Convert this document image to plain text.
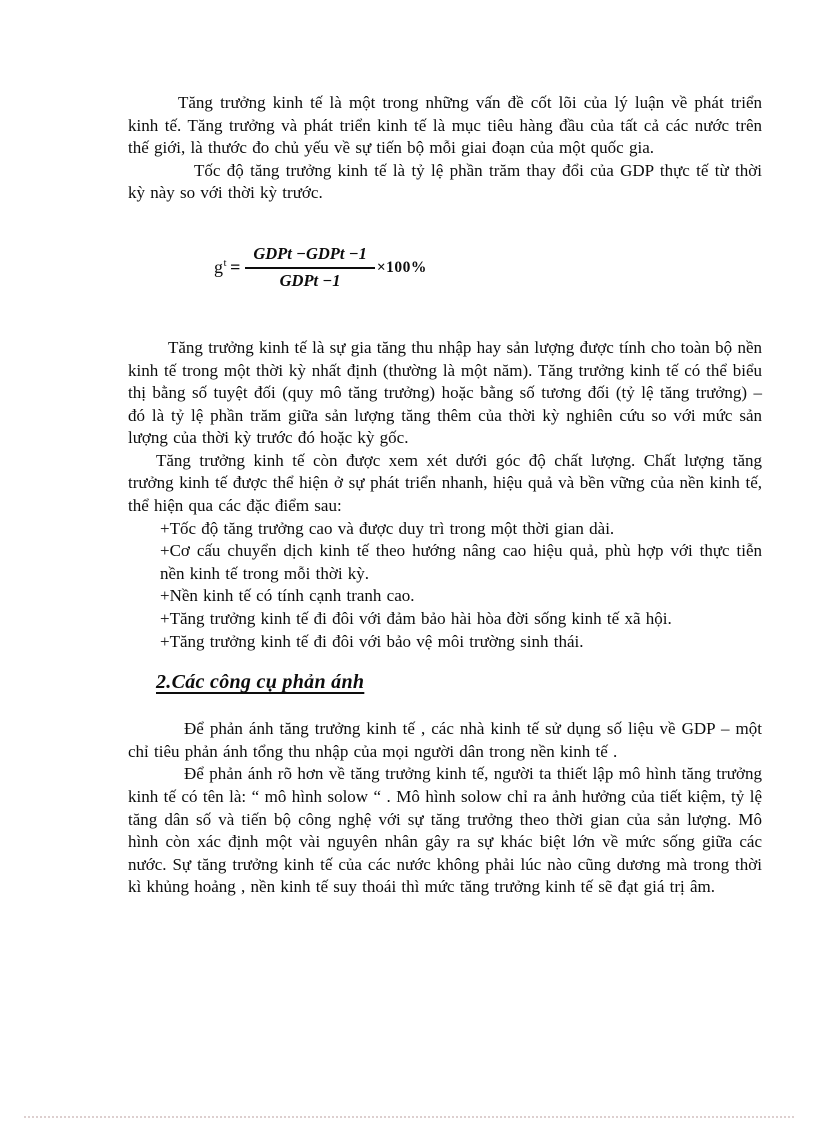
Tăng trưởng kinh tế là một trong những vấn đề cốt lõi của lý luận về phát triển kinh tế. Tăng trưởng và phát triển kinh tế là mục tiêu hàng đầu của tất cả các nước trên thế giới, là thước đo chủ yếu về sự tiến bộ mỗi giai đoạn của một quốc gia.

Tốc độ tăng trưởng kinh tế là tỷ lệ phần trăm thay đổi của GDP thực tế từ thời kỳ này so với thời kỳ trước.

$g^t = \frac{\text{GDPt −GDPt −1}}{\text{GDPt −1}} \times 100\%$

Tăng trưởng kinh tế là sự gia tăng thu nhập hay sản lượng được tính cho toàn bộ nền kinh tế trong một thời kỳ nhất định (thường là một năm). Tăng trưởng kinh tế có thể biểu thị bằng số tuyệt đối (quy mô tăng trưởng) hoặc bằng số tương đối (tỷ lệ tăng trưởng) – đó là tỷ lệ phần trăm giữa sản lượng tăng thêm của thời kỳ nghiên cứu so với mức sản lượng của thời kỳ trước đó hoặc kỳ gốc.

Tăng trưởng kinh tế còn được xem xét dưới góc độ chất lượng. Chất lượng tăng trưởng kinh tế được thể hiện ở sự phát triển nhanh, hiệu quả và bền vững của nền kinh tế, thể hiện qua các đặc điểm sau:

+Tốc độ tăng trưởng cao và được duy trì trong một thời gian dài.
+Cơ cấu chuyển dịch kinh tế theo hướng nâng cao hiệu quả, phù hợp với thực tiễn nền kinh tế trong mỗi thời kỳ.
+Nền kinh tế có tính cạnh tranh cao.
+Tăng trưởng kinh tế đi đôi với đảm bảo hài hòa đời sống kinh tế xã hội.
+Tăng trưởng kinh tế đi đôi với bảo vệ môi trường sinh thái.
2.Các công cụ phản ánh

Để phản ánh tăng trưởng kinh tế , các nhà kinh tế sử dụng số liệu về GDP – một chỉ tiêu phản ánh tổng thu nhập của mọi người dân trong nền kinh tế .

Để phản ánh rõ hơn về tăng trưởng kinh tế, người ta thiết lập mô hình tăng trưởng kinh tế có tên là: “ mô hình solow “ . Mô hình solow chỉ ra ảnh hưởng của tiết kiệm, tỷ lệ tăng dân số và tiến bộ công nghệ với sự tăng trưởng theo thời gian của sản lượng. Mô hình còn xác định một vài nguyên nhân gây ra sự khác biệt lớn về mức sống giữa các nước. Sự tăng trưởng kinh tế của các nước không phải lúc nào cũng dương mà trong thời kì khủng hoảng , nền kinh tế suy thoái thì mức tăng trưởng kinh tế sẽ đạt giá trị âm.
